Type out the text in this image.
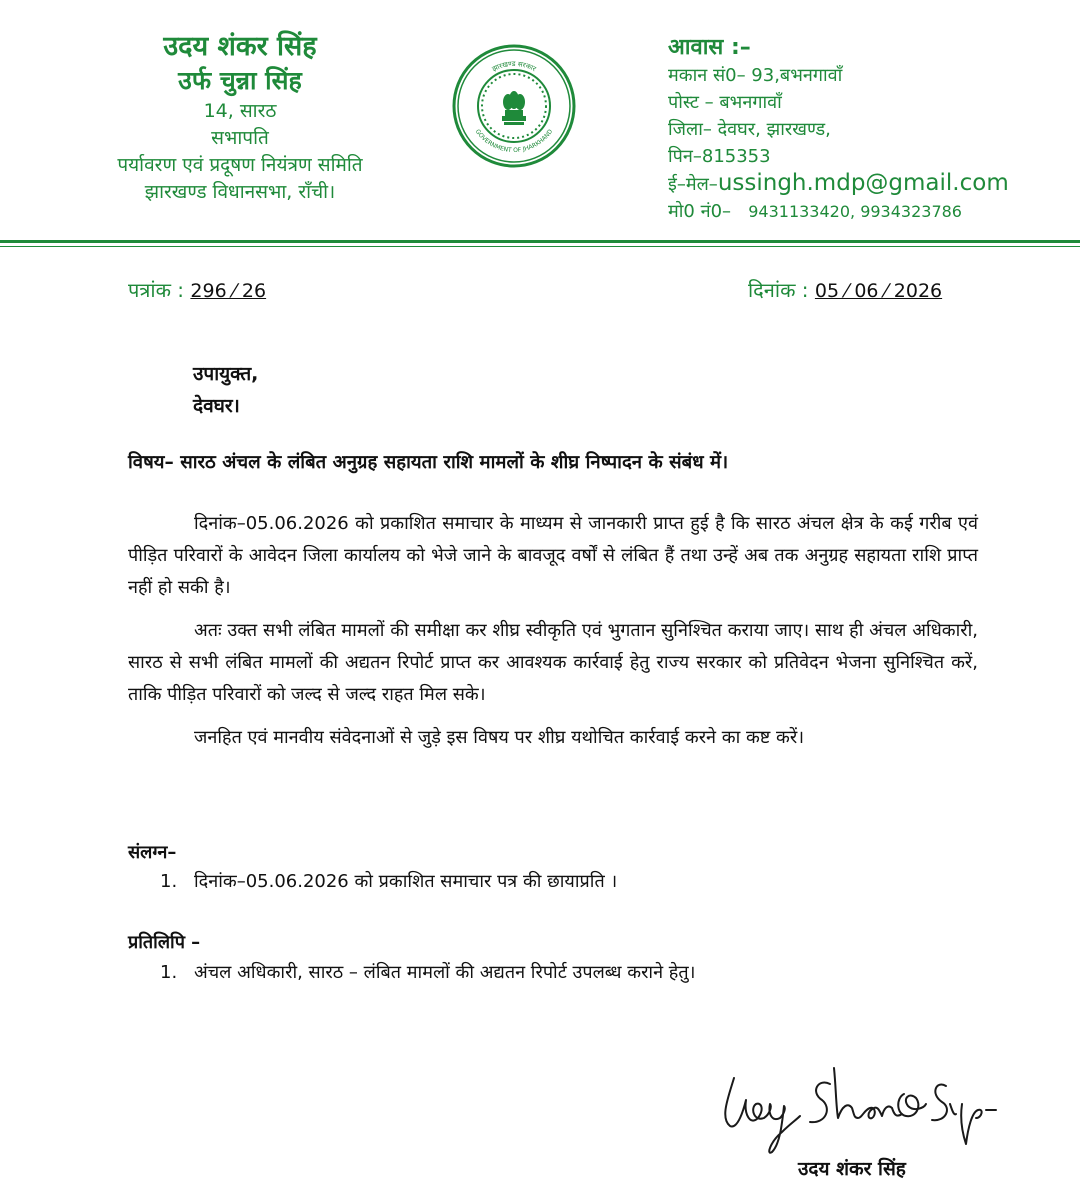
उदय शंकर सिंह
उर्फ चुन्ना सिंह
14, सारठ
सभापति
पर्यावरण एवं प्रदूषण नियंत्रण समिति
झारखण्ड विधानसभा, राँची।
झारखण्ड सरकार
GOVERNMENT OF JHARKHAND
आवास :–
मकान सं0– 93,बभनगावाँ
पोस्ट – बभनगावाँ
जिला– देवघर, झारखण्ड,
पिन–815353
ई–मेल–ussingh.mdp@gmail.com
मो0 नं0– 9431133420, 9934323786
पत्रांक : 296 ⁄ 26	दिनांक : 05 ⁄ 06 ⁄ 2026
उपायुक्त,
देवघर।
विषय– सारठ अंचल के लंबित अनुग्रह सहायता राशि मामलों के शीघ्र निष्पादन के संबंध में।

दिनांक–05.06.2026 को प्रकाशित समाचार के माध्यम से जानकारी प्राप्त हुई है कि सारठ अंचल क्षेत्र के कई गरीब एवं पीड़ित परिवारों के आवेदन जिला कार्यालय को भेजे जाने के बावजूद वर्षों से लंबित हैं तथा उन्हें अब तक अनुग्रह सहायता राशि प्राप्त नहीं हो सकी है।

अतः उक्त सभी लंबित मामलों की समीक्षा कर शीघ्र स्वीकृति एवं भुगतान सुनिश्चित कराया जाए। साथ ही अंचल अधिकारी, सारठ से सभी लंबित मामलों की अद्यतन रिपोर्ट प्राप्त कर आवश्यक कार्रवाई हेतु राज्य सरकार को प्रतिवेदन भेजना सुनिश्चित करें, ताकि पीड़ित परिवारों को जल्द से जल्द राहत मिल सके।

जनहित एवं मानवीय संवेदनाओं से जुड़े इस विषय पर शीघ्र यथोचित कार्रवाई करने का कष्ट करें।

संलग्न–
1. दिनांक–05.06.2026 को प्रकाशित समाचार पत्र की छायाप्रति ।
प्रतिलिपि –
1. अंचल अधिकारी, सारठ – लंबित मामलों की अद्यतन रिपोर्ट उपलब्ध कराने हेतु।
उदय शंकर सिंह
